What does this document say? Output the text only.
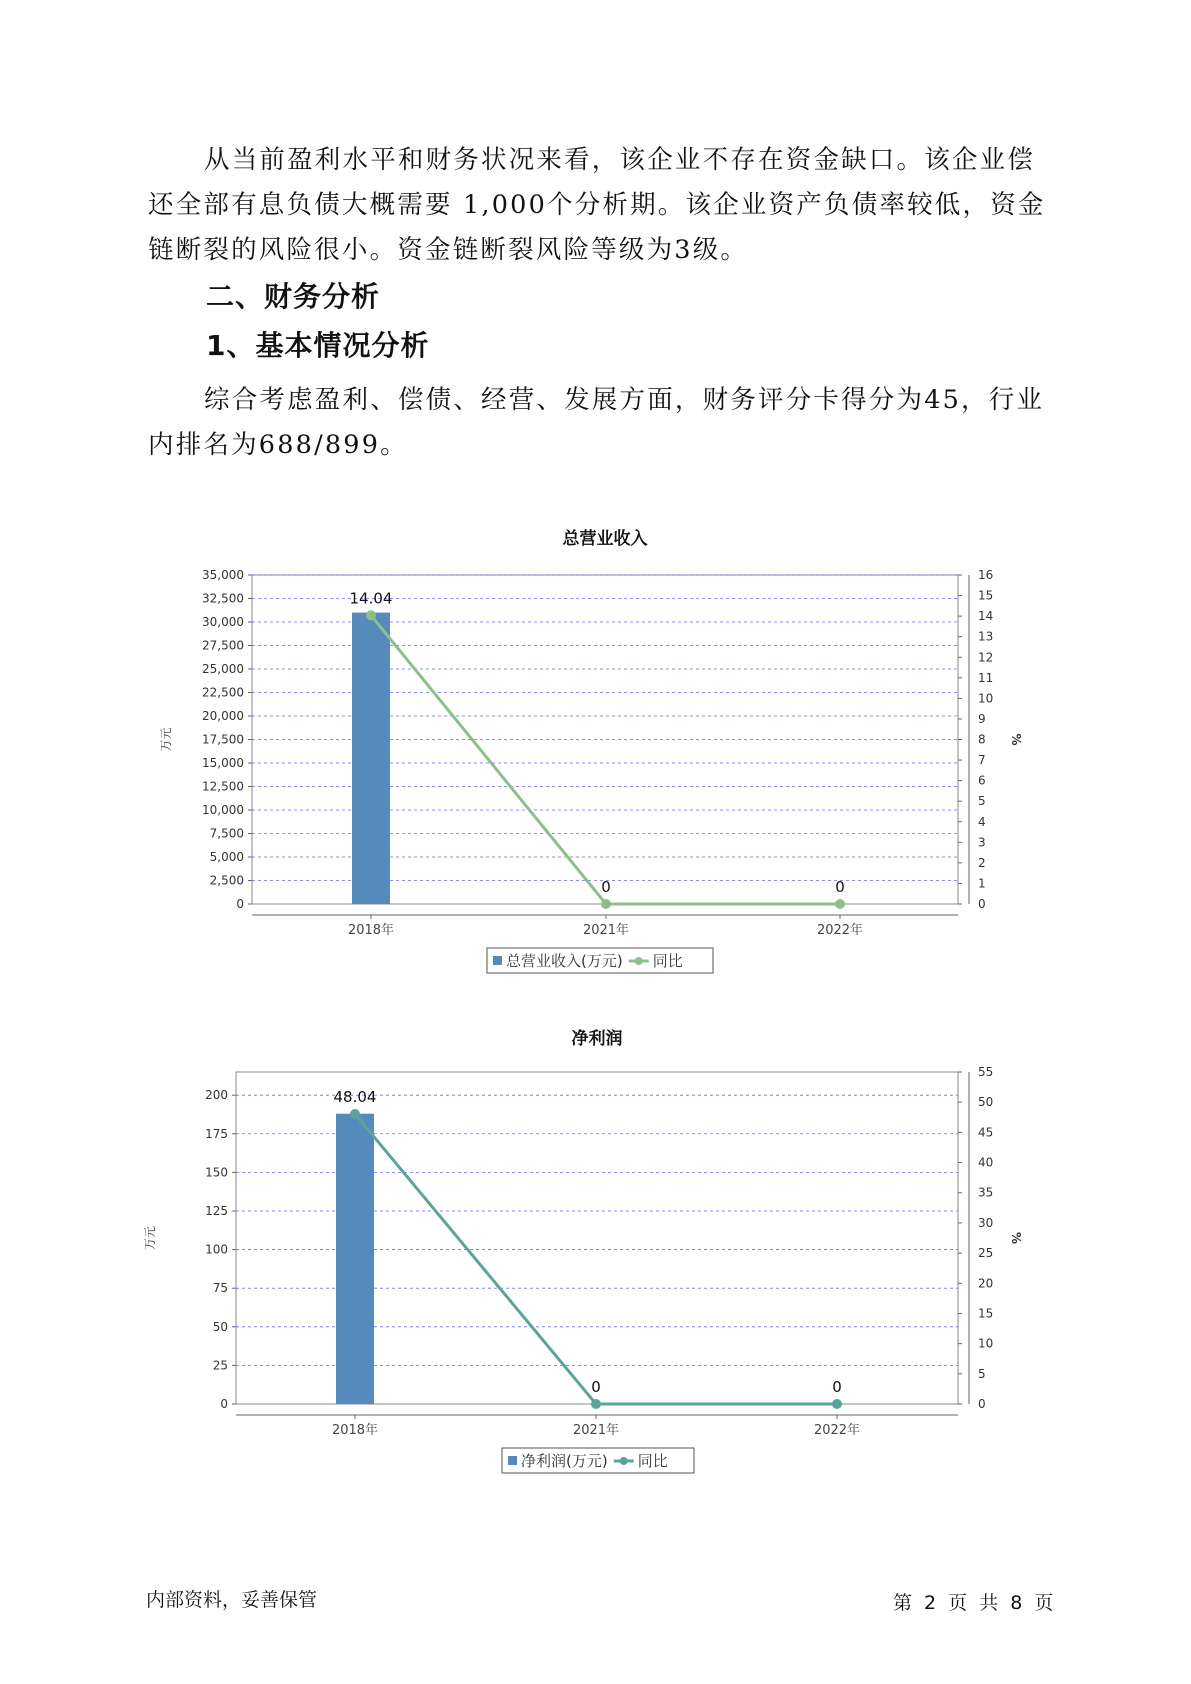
从当前盈利水平和财务状况来看，该企业不存在资金缺口。该企业偿还全部有息负债大概需要 1,000个分析期。该企业资产负债率较低，资金链断裂的风险很小。资金链断裂风险等级为3级。

二、财务分析

1、基本情况分析

综合考虑盈利、偿债、经营、发展方面，财务评分卡得分为45，行业内排名为688/899。

总营业收入
0
2,500
5,000
7,500
10,000
12,500
15,000
17,500
20,000
22,500
25,000
27,500
30,000
32,500
35,000
0
1
2
3
4
5
6
7
8
9
10
11
12
13
14
15
16
万元	%
2018年	2021年	2022年
14.04
0	0
总营业收入(万元) 同比
净利润
0
25
50
75
100
125
150
175
200
0
5
10
15
20
25
30
35
40
45
50
55
万元	%
2018年	2021年	2022年
48.04
0	0
净利润(万元) 同比

内部资料，妥善保管	第 2 页 共 8 页
